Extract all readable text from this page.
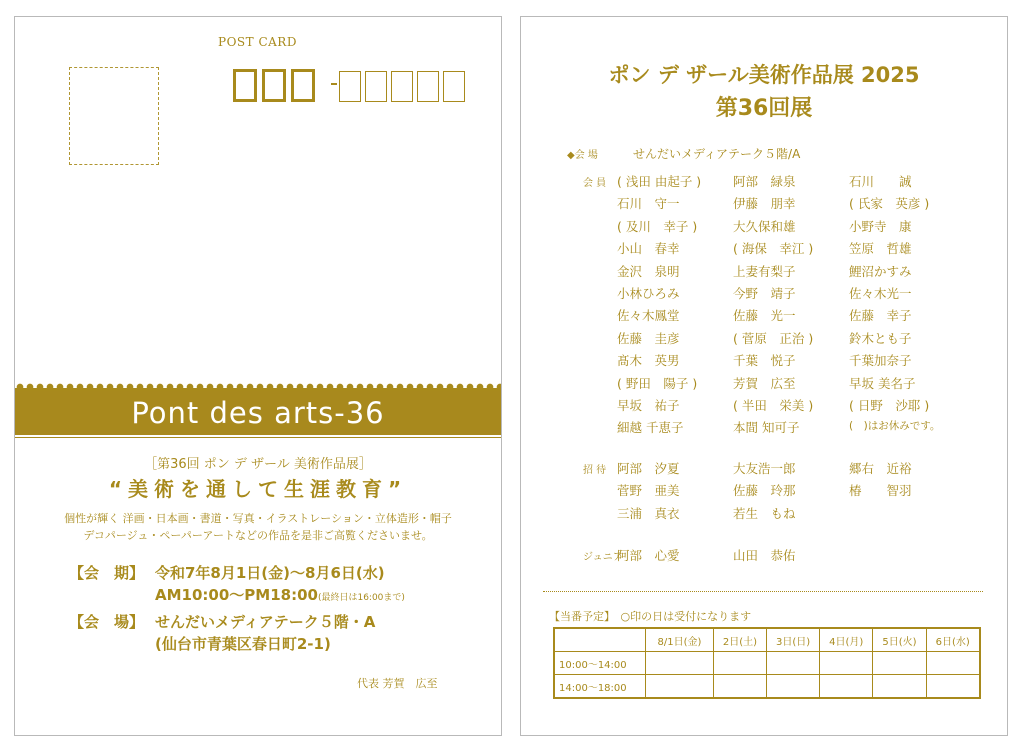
POST CARD
Pont des arts-36
［第36回 ポン デ ザール 美術作品展］
“美術を通して生涯教育”
個性が輝く 洋画・日本画・書道・写真・イラストレーション・立体造形・帽子
デコパージュ・ペーパーアートなどの作品を是非ご高覧くださいませ。
【会　期】 令和7年8月1日(金)～8月6日(水)
AM10:00～PM18:00(最終日は16:00まで)
【会　場】 せんだいメディアテーク５階・A
(仙台市青葉区春日町2-1)
代表 芳賀　広至
ポン デ ザール美術作品展 2025
第36回展
◆会 場	せんだいメディアテーク５階/A
会 員 ( 浅田 由起子 )	阿部　緑泉	石川　　誠
石川　守一	伊藤　朋幸	( 氏家　英彦 )
( 及川　幸子 )	大久保和雄	小野寺　康
小山　春幸	( 海保　幸江 )	笠原　哲雄
金沢　泉明	上妻有梨子	鯉沼かすみ
小林ひろみ	今野　靖子	佐々木光一
佐々木鳳堂	佐藤　光一	佐藤　幸子
佐藤　圭彦	( 菅原　正治 )	鈴木とも子
髙木　英男	千葉　悦子	千葉加奈子
( 野田　陽子 )	芳賀　広至	早坂 美名子
早坂　祐子	( 半田　栄美 )	( 日野　沙耶 )
細越 千恵子	本間 知可子	(　)はお休みです。
招 待 阿部　汐夏	大友浩一郎	郷右　近裕
菅野　亜美	佐藤　玲那	椿　　智羽
三浦　真衣	若生　もね
ジュニア
阿部　心愛	山田　恭佑
【当番予定】　○印の日は受付になります
	8/1日(金)	2日(土)	3日(日)	4日(月)	5日(火)	6日(水)
10:00～14:00						
14:00～18:00						
